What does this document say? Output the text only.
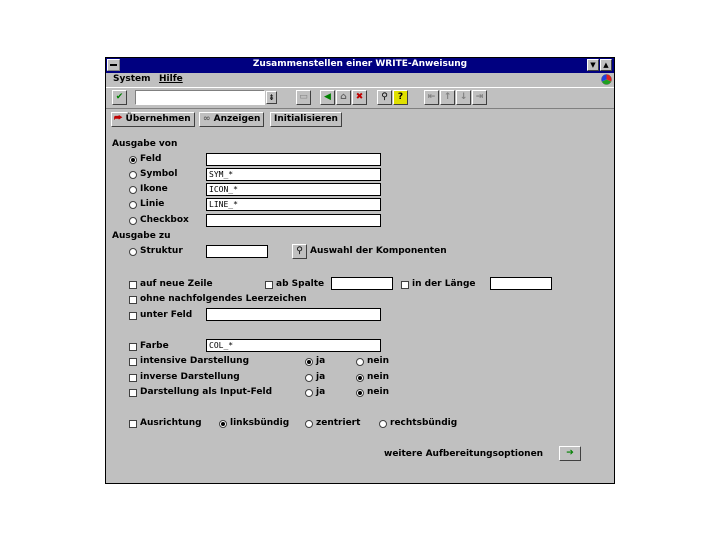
Zusammenstellen einer WRITE-Anweisung	▼	▲
System Hilfe
✔	⇟	▭	◀	⌂	✖	⚲	?	⇤ ↑ ↓ ⇥
⮫ Übernehmen	∞ Anzeigen	Initialisieren
Ausgabe von
Feld
Symbol	SYM_*
Ikone	ICON_*
Linie	LINE_*
Checkbox
Ausgabe zu
Struktur	⚲ Auswahl der Komponenten
auf neue Zeile	ab Spalte	in der Länge
ohne nachfolgendes Leerzeichen
unter Feld
Farbe	COL_*
intensive Darstellung	ja	nein
inverse Darstellung	ja	nein
Darstellung als Input-Feld	ja	nein
Ausrichtung	linksbündig	zentriert	rechtsbündig
weitere Aufbereitungsoptionen	➔
